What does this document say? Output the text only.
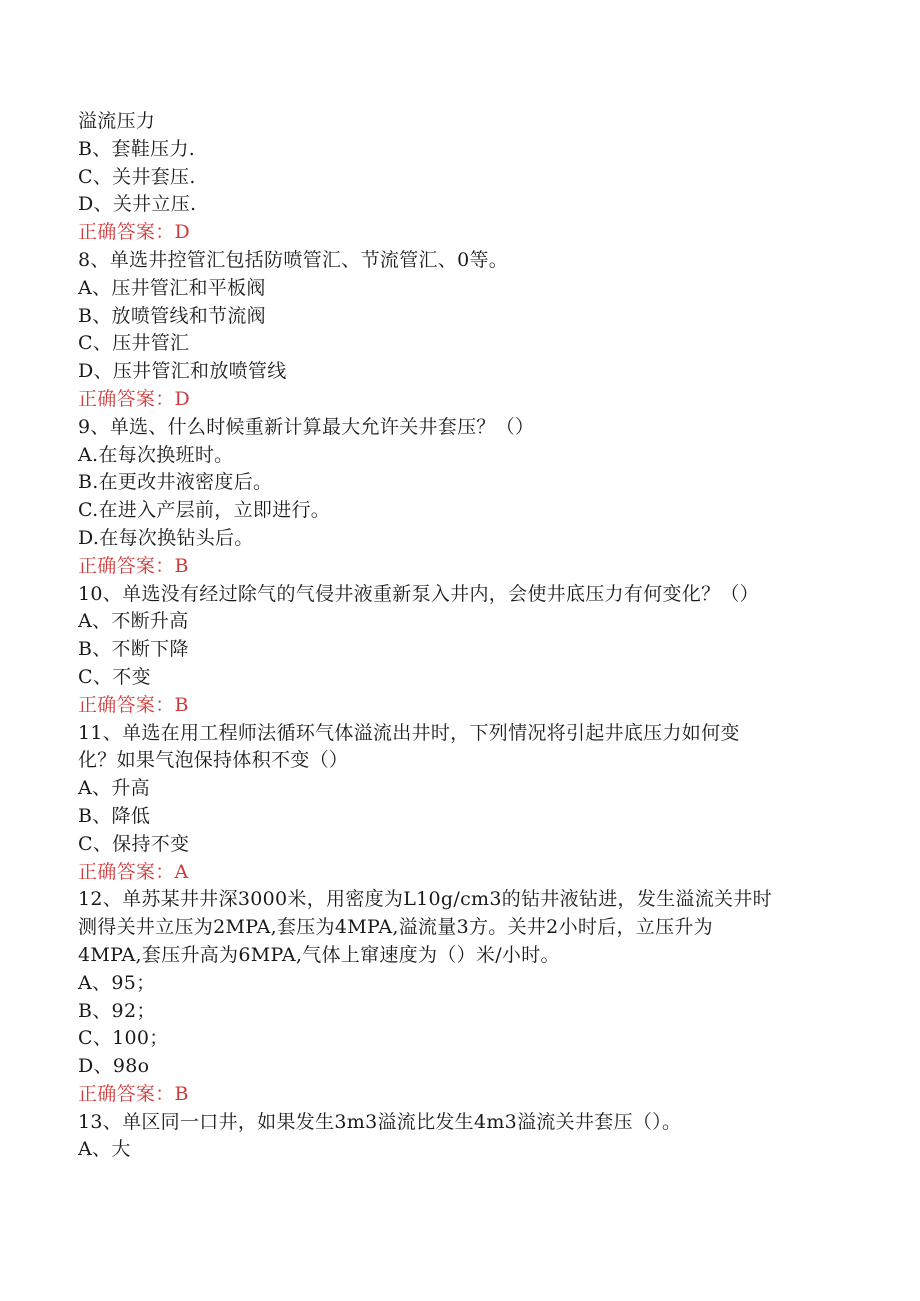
溢流压力
B、套鞋压力.
C、关井套压.
D、关井立压.
正确答案：D
8、单选井控管汇包括防喷管汇、节流管汇、0等。
A、压井管汇和平板阀
B、放喷管线和节流阀
C、压井管汇
D、压井管汇和放喷管线
正确答案：D
9、单选、什么时候重新计算最大允许关井套压？（）
A.在每次换班时。
B.在更改井液密度后。
C.在进入产层前，立即进行。
D.在每次换钻头后。
正确答案：B
10、单选没有经过除气的气侵井液重新泵入井内，会使井底压力有何变化？（）
A、不断升高
B、不断下降
C、不变
正确答案：B
11、单选在用工程师法循环气体溢流出井时，下列情况将引起井底压力如何变
化？如果气泡保持体积不变（）
A、升高
B、降低
C、保持不变
正确答案：A
12、单苏某井井深3000米，用密度为L10g/cm3的钻井液钻进，发生溢流关井时
测得关井立压为2MPA,套压为4MPA,溢流量3方。关井2小时后，立压升为
4MPA,套压升高为6MPA,气体上窜速度为（）米/小时。
A、95；
B、92；
C、100；
D、98o
正确答案：B
13、单区同一口井，如果发生3m3溢流比发生4m3溢流关井套压（）。
A、大
